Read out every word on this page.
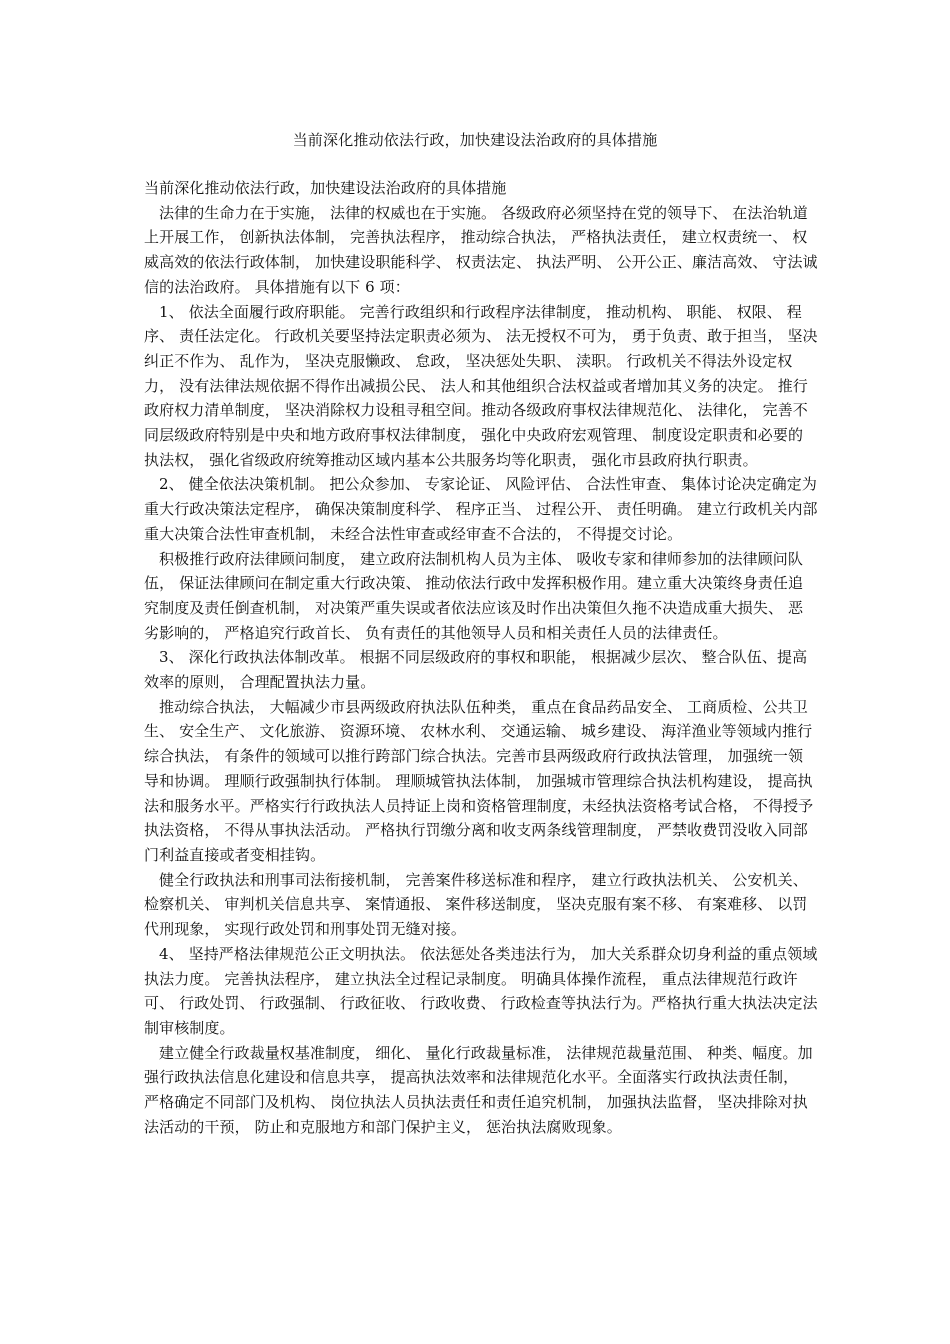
当前深化推动依法行政，加快建设法治政府的具体措施

当前深化推动依法行政，加快建设法治政府的具体措施

法律的生命力在于实施， 法律的权威也在于实施。 各级政府必须坚持在党的领导下、 在法治轨道上开展工作， 创新执法体制， 完善执法程序， 推动综合执法， 严格执法责任， 建立权责统一、 权威高效的依法行政体制， 加快建设职能科学、 权责法定、 执法严明、 公开公正、廉洁高效、 守法诚信的法治政府。 具体措施有以下 6 项：

1、 依法全面履行政府职能。 完善行政组织和行政程序法律制度， 推动机构、 职能、 权限、 程序、 责任法定化。 行政机关要坚持法定职责必须为、 法无授权不可为， 勇于负责、敢于担当， 坚决纠正不作为、 乱作为， 坚决克服懒政、 怠政， 坚决惩处失职、 渎职。 行政机关不得法外设定权力， 没有法律法规依据不得作出减损公民、 法人和其他组织合法权益或者增加其义务的决定。 推行政府权力清单制度， 坚决消除权力设租寻租空间。推动各级政府事权法律规范化、 法律化， 完善不同层级政府特别是中央和地方政府事权法律制度， 强化中央政府宏观管理、 制度设定职责和必要的执法权， 强化省级政府统筹推动区域内基本公共服务均等化职责， 强化市县政府执行职责。

2、 健全依法决策机制。 把公众参加、 专家论证、 风险评估、 合法性审查、 集体讨论决定确定为重大行政决策法定程序， 确保决策制度科学、 程序正当、 过程公开、 责任明确。 建立行政机关内部重大决策合法性审查机制， 未经合法性审查或经审查不合法的， 不得提交讨论。

积极推行政府法律顾问制度， 建立政府法制机构人员为主体、 吸收专家和律师参加的法律顾问队伍， 保证法律顾问在制定重大行政决策、 推动依法行政中发挥积极作用。建立重大决策终身责任追究制度及责任倒查机制， 对决策严重失误或者依法应该及时作出决策但久拖不决造成重大损失、 恶劣影响的， 严格追究行政首长、 负有责任的其他领导人员和相关责任人员的法律责任。

3、 深化行政执法体制改革。 根据不同层级政府的事权和职能， 根据减少层次、 整合队伍、提高效率的原则， 合理配置执法力量。

推动综合执法， 大幅减少市县两级政府执法队伍种类， 重点在食品药品安全、 工商质检、公共卫生、 安全生产、 文化旅游、 资源环境、 农林水利、 交通运输、 城乡建设、 海洋渔业等领域内推行综合执法， 有条件的领域可以推行跨部门综合执法。完善市县两级政府行政执法管理， 加强统一领导和协调。 理顺行政强制执行体制。 理顺城管执法体制， 加强城市管理综合执法机构建设， 提高执法和服务水平。严格实行行政执法人员持证上岗和资格管理制度，未经执法资格考试合格， 不得授予执法资格， 不得从事执法活动。 严格执行罚缴分离和收支两条线管理制度， 严禁收费罚没收入同部门利益直接或者变相挂钩。

健全行政执法和刑事司法衔接机制， 完善案件移送标准和程序， 建立行政执法机关、 公安机关、 检察机关、 审判机关信息共享、 案情通报、 案件移送制度， 坚决克服有案不移、 有案难移、 以罚代刑现象， 实现行政处罚和刑事处罚无缝对接。

4、 坚持严格法律规范公正文明执法。 依法惩处各类违法行为， 加大关系群众切身利益的重点领域执法力度。 完善执法程序， 建立执法全过程记录制度。 明确具体操作流程， 重点法律规范行政许可、 行政处罚、 行政强制、 行政征收、 行政收费、 行政检查等执法行为。严格执行重大执法决定法制审核制度。

建立健全行政裁量权基准制度， 细化、 量化行政裁量标准， 法律规范裁量范围、 种类、幅度。加强行政执法信息化建设和信息共享， 提高执法效率和法律规范化水平。全面落实行政执法责任制， 严格确定不同部门及机构、 岗位执法人员执法责任和责任追究机制， 加强执法监督， 坚决排除对执法活动的干预， 防止和克服地方和部门保护主义， 惩治执法腐败现象。
